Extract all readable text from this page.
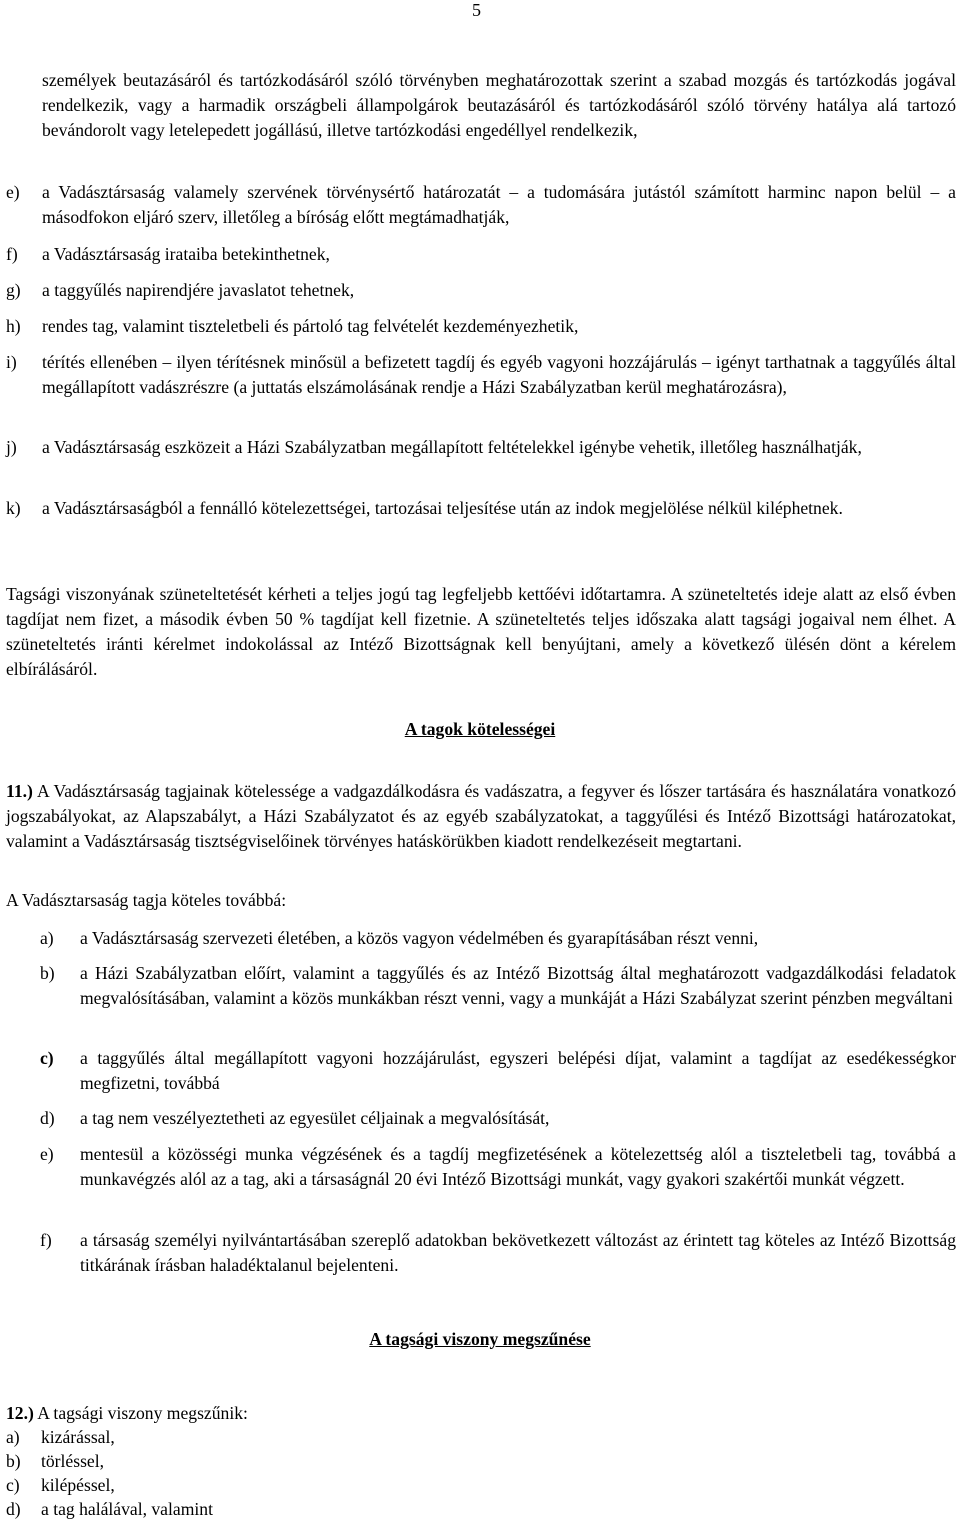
5
személyek beutazásáról és tartózkodásáról szóló törvényben meghatározottak szerint a szabad mozgás és tartózkodás jogával rendelkezik, vagy a harmadik országbeli állampolgárok beutazásáról és tartózkodásáról szóló törvény hatálya alá tartozó bevándorolt vagy letelepedett jogállású, illetve tartózkodási engedéllyel rendelkezik,
e) a Vadásztársaság valamely szervének törvénysértő határozatát – a tudomására jutástól számított harminc napon belül – a másodfokon eljáró szerv, illetőleg a bíróság előtt megtámadhatják,
f) a Vadásztársaság irataiba betekinthetnek,
g) a taggyűlés napirendjére javaslatot tehetnek,
h) rendes tag, valamint tiszteletbeli és pártoló tag felvételét kezdeményezhetik,
i) térítés ellenében – ilyen térítésnek minősül a befizetett tagdíj és egyéb vagyoni hozzájárulás – igényt tarthatnak a taggyűlés által megállapított vadászrészre (a juttatás elszámolásának rendje a Házi Szabályzatban kerül meghatározásra),
j) a Vadásztársaság eszközeit a Házi Szabályzatban megállapított feltételekkel igénybe vehetik, illetőleg használhatják,
k) a Vadásztársaságból a fennálló kötelezettségei, tartozásai teljesítése után az indok megjelölése nélkül kiléphetnek.
Tagsági viszonyának szüneteltetését kérheti a teljes jogú tag legfeljebb kettőévi időtartamra. A szüneteltetés ideje alatt az első évben tagdíjat nem fizet, a második évben 50 % tagdíjat kell fizetnie. A szüneteltetés teljes időszaka alatt tagsági jogaival nem élhet. A szüneteltetés iránti kérelmet indokolással az Intéző Bizottságnak kell benyújtani, amely a következő ülésén dönt a kérelem elbírálásáról.
A tagok kötelességei
11.) A Vadásztársaság tagjainak kötelessége a vadgazdálkodásra és vadászatra, a fegyver és lőszer tartására és használatára vonatkozó jogszabályokat, az Alapszabályt, a Házi Szabályzatot és az egyéb szabályzatokat, a taggyűlési és Intéző Bizottsági határozatokat, valamint a Vadásztársaság tisztségviselőinek törvényes hatáskörükben kiadott rendelkezéseit megtartani.
A Vadásztarsaság tagja köteles továbbá:
a) a Vadásztársaság szervezeti életében, a közös vagyon védelmében és gyarapításában részt venni,
b) a Házi Szabályzatban előírt, valamint a taggyűlés és az Intéző Bizottság által meghatározott vadgazdálkodási feladatok megvalósításában, valamint a közös munkákban részt venni, vagy a munkáját a Házi Szabályzat szerint pénzben megváltani
c) a taggyűlés által megállapított vagyoni hozzájárulást, egyszeri belépési díjat, valamint a tagdíjat az esedékességkor megfizetni, továbbá
d) a tag nem veszélyeztetheti az egyesület céljainak a megvalósítását,
e) mentesül a közösségi munka végzésének és a tagdíj megfizetésének a kötelezettség alól a tiszteletbeli tag, továbbá a munkavégzés alól az a tag, aki a társaságnál 20 évi Intéző Bizottsági munkát, vagy gyakori szakértői munkát végzett.
f) a társaság személyi nyilvántartásában szereplő adatokban bekövetkezett változást az érintett tag köteles az Intéző Bizottság titkárának írásban haladéktalanul bejelenteni.
A tagsági viszony megszűnése
12.) A tagsági viszony megszűnik:
a) kizárással,
b) törléssel,
c) kilépéssel,
d) a tag halálával, valamint
